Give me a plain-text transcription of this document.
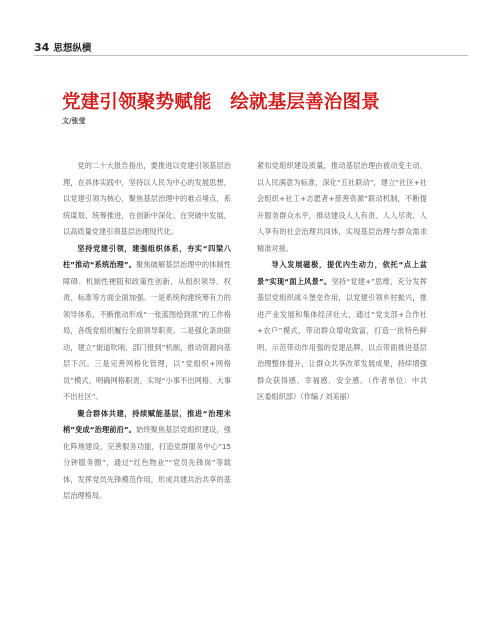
34 思想纵横
党建引领聚势赋能　绘就基层善治图景
文/张莹

党的二十大报告指出，要推进以党建引领基层治理，在具体实践中，坚持以人民为中心的发展思想，以党建引领为核心，聚焦基层治理中的难点堵点，系统谋划、统筹推进，在创新中深化、在突破中发展，以高质量党建引领基层治理现代化。

坚持党建引领，建强组织体系，夯实“四梁八柱”推动“系统治理”。聚焦破解基层治理中的体制性障碍、机制性梗阻和政策性创新，从组织领导、权责、标准等方面全面加强。一是系统构建统筹有力的领导体系，不断推动形成“一张蓝图绘到底”的工作格局，各级党组织履行全面领导职责。二是强化条块联动，建立“街道吹哨、部门报到”机制，推动资源向基层下沉。三是完善网格化管理，以“党组织+网格员”模式，明确网格职责，实现“小事不出网格、大事不出社区”。

聚合群体共建，持续赋能基层，推进“治理末梢”变成“治理前沿”。始终聚焦基层党组织建设，强化阵地建设，完善服务功能，打造党群服务中心“15分钟服务圈”，通过“红色物业”“党员先锋岗”等载体，发挥党员先锋模范作用，形成共建共治共享的基层治理格局。

紧扣党组织建设质量，推动基层治理由被动变主动，以人民满意为标准，深化“五社联动”，建立“社区+社会组织+社工+志愿者+慈善资源”联动机制，不断提升服务群众水平，推动建设人人有责、人人尽责、人人享有的社会治理共同体，实现基层治理与群众需求精准对接。

导入发展磁极，提优内生动力，依托“点上盆景”实现“面上风景”。坚持“党建+”思维，充分发挥基层党组织战斗堡垒作用，以党建引领乡村振兴，推进产业发展和集体经济壮大，通过“党支部+合作社+农户”模式，带动群众增收致富，打造一批特色鲜明、示范带动作用强的党建品牌，以点带面推进基层治理整体提升，让群众共享改革发展成果，持续增强群众获得感、幸福感、安全感。（作者单位：中共　　　区委组织部）（作编 / 刘美丽）
